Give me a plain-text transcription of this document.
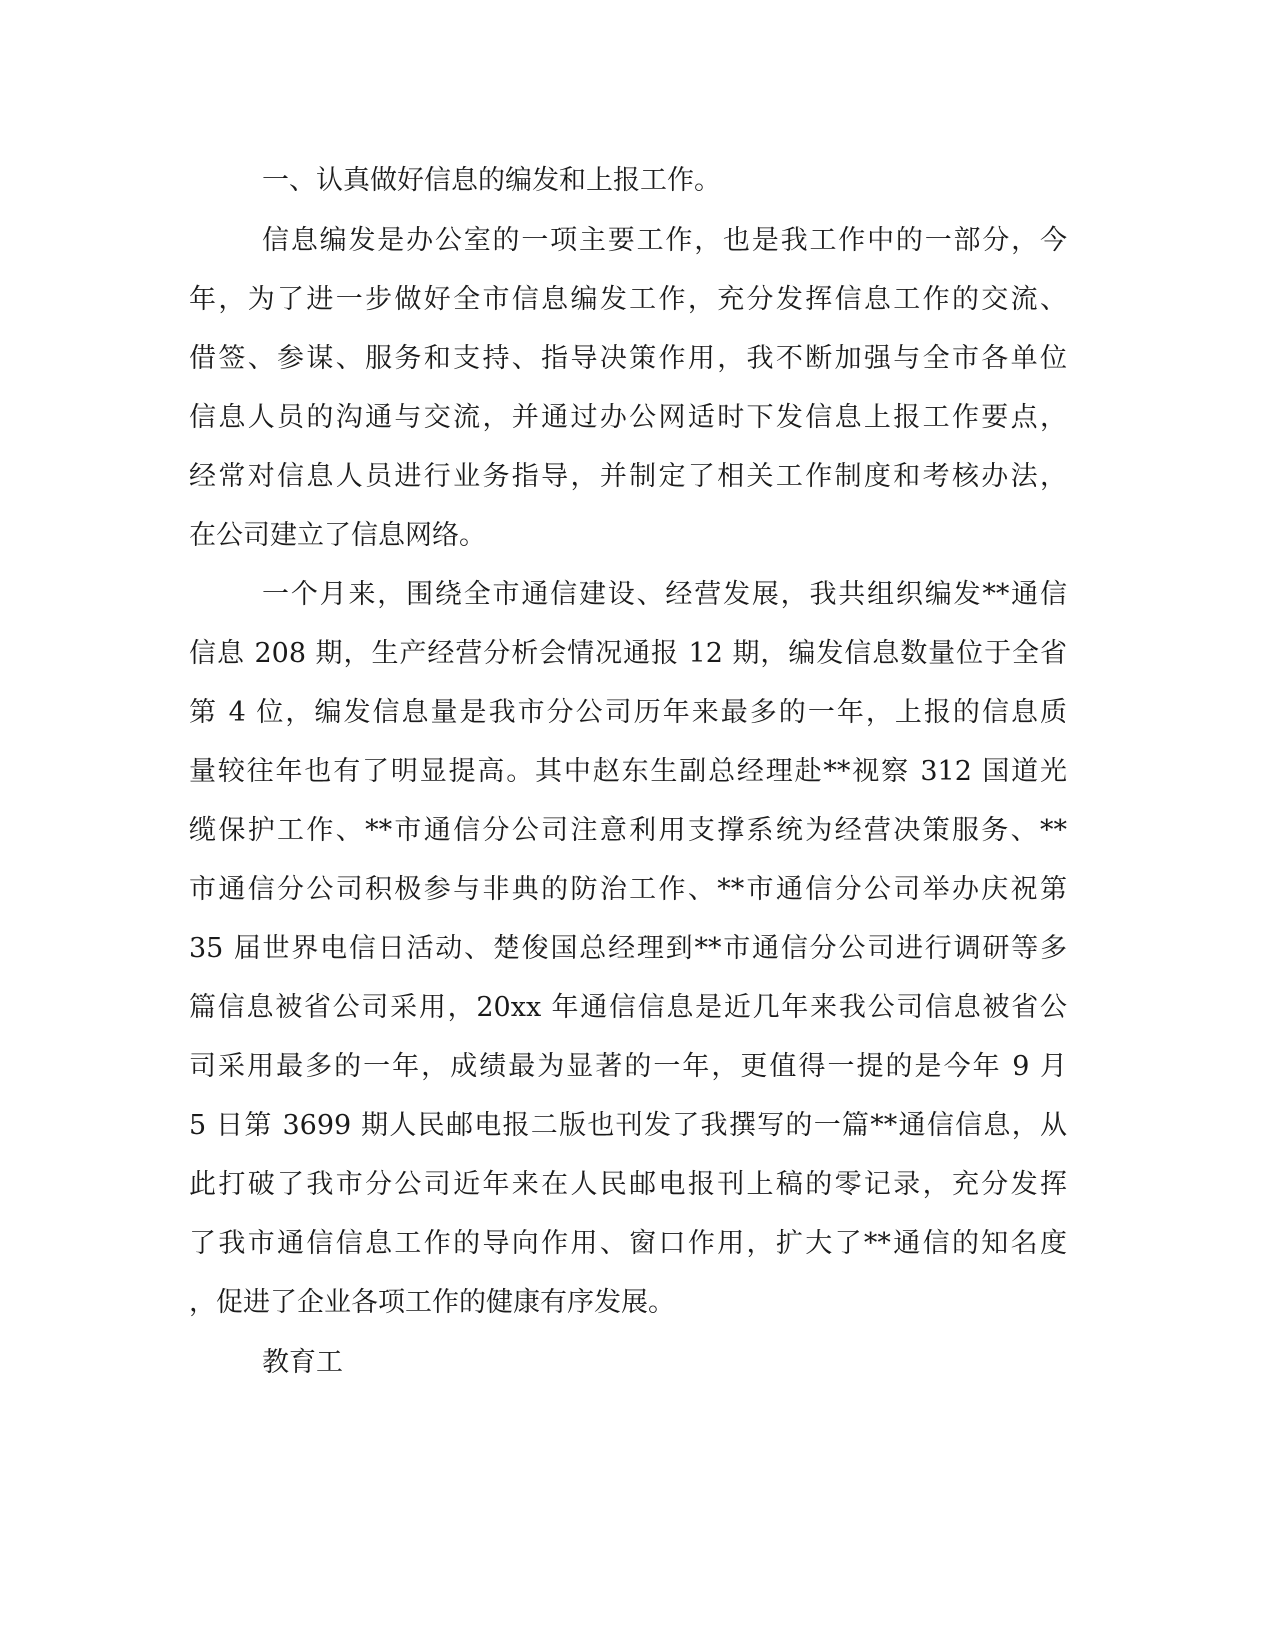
一、认真做好信息的编发和上报工作。
信息编发是办公室的一项主要工作，也是我工作中的一部分，今
年，为了进一步做好全市信息编发工作，充分发挥信息工作的交流、
借签、参谋、服务和支持、指导决策作用，我不断加强与全市各单位
信息人员的沟通与交流，并通过办公网适时下发信息上报工作要点，
经常对信息人员进行业务指导，并制定了相关工作制度和考核办法，
在公司建立了信息网络。
一个月来，围绕全市通信建设、经营发展，我共组织编发**通信
信息 208 期，生产经营分析会情况通报 12 期，编发信息数量位于全省
第 4 位，编发信息量是我市分公司历年来最多的一年，上报的信息质
量较往年也有了明显提高。其中赵东生副总经理赴**视察 312 国道光
缆保护工作、**市通信分公司注意利用支撑系统为经营决策服务、**
市通信分公司积极参与非典的防治工作、**市通信分公司举办庆祝第
35 届世界电信日活动、楚俊国总经理到**市通信分公司进行调研等多
篇信息被省公司采用，20xx 年通信信息是近几年来我公司信息被省公
司采用最多的一年，成绩最为显著的一年，更值得一提的是今年 9 月
5 日第 3699 期人民邮电报二版也刊发了我撰写的一篇**通信信息，从
此打破了我市分公司近年来在人民邮电报刊上稿的零记录，充分发挥
了我市通信信息工作的导向作用、窗口作用，扩大了**通信的知名度
，促进了企业各项工作的健康有序发展。
教育工
